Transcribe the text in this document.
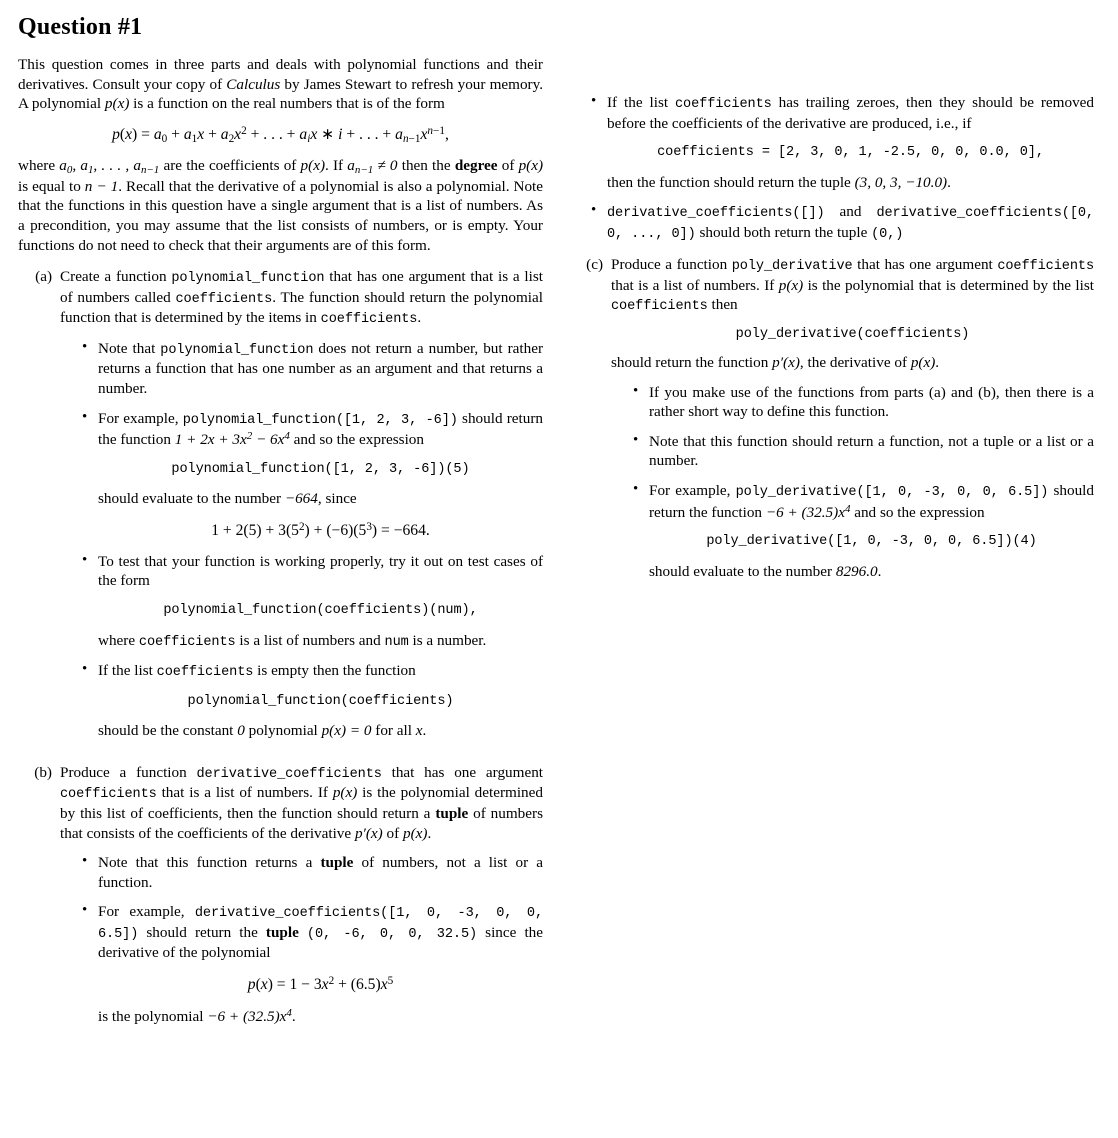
Question #1

This question comes in three parts and deals with polynomial functions and their derivatives. Consult your copy of Calculus by James Stewart to refresh your memory. A polynomial p(x) is a function on the real numbers that is of the form

$p(x) = a_0 + a_1x + a_2x^2$ + . . . + $a_ix$ ∗ i + . . . + $a_{n-1}x^{n-1}$,

where $a_0$, $a_1$, . . . , $a_{n-1}$ are the coefficients of p(x). If $a_{n-1} \ne 0$ then the degree of p(x) is equal to n − 1. Recall that the derivative of a polynomial is also a polynomial. Note that the functions in this question have a single argument that is a list of numbers. As a precondition, you may assume that the list consists of numbers, or is empty. Your functions do not need to check that their arguments are of this form.

(a) Create a function polynomial_function that has one argument that is a list of numbers called coefficients. The function should return the polynomial function that is determined by the items in coefficients.

• Note that polynomial_function does not return a number, but rather returns a function that has one number as an argument and that returns a number.
• For example, polynomial_function([1, 2, 3, -6]) should return the function $1 + 2x + 3x^2 - 6x^4$ and so the expression
polynomial_function([1, 2, 3, -6])(5)
should evaluate to the number −664, since
$1 + 2(5) + 3(5^2) + (-6)(5^3) = -664$.
• To test that your function is working properly, try it out on test cases of the form
polynomial_function(coefficients)(num),
where coefficients is a list of numbers and num is a number.
• If the list coefficients is empty then the function
polynomial_function(coefficients)
should be the constant 0 polynomial p(x) = 0 for all x.
(b) Produce a function derivative_coefficients that has one argument coefficients that is a list of numbers. If p(x) is the polynomial determined by this list of coefficients, then the function should return a tuple of numbers that consists of the coefficients of the derivative p′(x) of p(x).

• Note that this function returns a tuple of numbers, not a list or a function.
• For example, derivative_coefficients([1, 0, -3, 0, 0, 6.5]) should return the tuple (0, -6, 0, 0, 32.5) since the derivative of the polynomial
$p(x) = 1 - 3x^2 + (6.5)x^5$
is the polynomial $-6 + (32.5)x^4$.
• If the list coefficients has trailing zeroes, then they should be removed before the coefficients of the derivative are produced, i.e., if
coefficients = [2, 3, 0, 1, -2.5, 0, 0, 0.0, 0],
then the function should return the tuple (3, 0, 3, −10.0).
• derivative_coefficients([]) and derivative_coefficients([0, 0, ..., 0]) should both return the tuple (0,)
(c) Produce a function poly_derivative that has one argument coefficients that is a list of numbers. If p(x) is the polynomial that is determined by the list coefficients then

poly_derivative(coefficients)

should return the function p′(x), the derivative of p(x).

• If you make use of the functions from parts (a) and (b), then there is a rather short way to define this function.
• Note that this function should return a function, not a tuple or a list or a number.
• For example, poly_derivative([1, 0, -3, 0, 0, 6.5]) should return the function $-6 + (32.5)x^4$ and so the expression
poly_derivative([1, 0, -3, 0, 0, 6.5])(4)
should evaluate to the number 8296.0.
